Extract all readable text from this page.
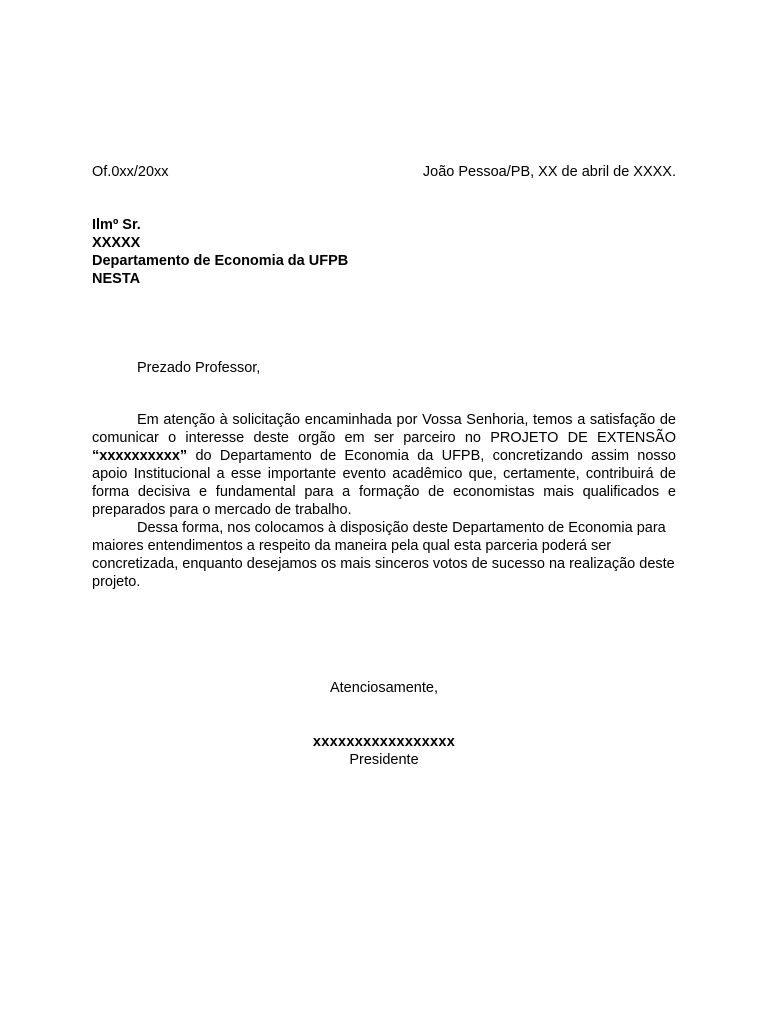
Of.0xx/20xx	João Pessoa/PB, XX de abril de XXXX.
Ilmº Sr.
XXXXX
Departamento de Economia da UFPB
NESTA
Prezado Professor,

Em atenção à solicitação encaminhada por Vossa Senhoria, temos a satisfação de comunicar o interesse deste orgão em ser parceiro no PROJETO DE EXTENSÃO “xxxxxxxxxx” do Departamento de Economia da UFPB, concretizando assim nosso apoio Institucional a esse importante evento acadêmico que, certamente, contribuirá de forma decisiva e fundamental para a formação de economistas mais qualificados e preparados para o mercado de trabalho.

Dessa forma, nos colocamos à disposição deste Departamento de Economia para maiores entendimentos a respeito da maneira pela qual esta parceria poderá ser concretizada, enquanto desejamos os mais sinceros votos de sucesso na realização deste projeto.

Atenciosamente,
xxxxxxxxxxxxxxxxx
Presidente
